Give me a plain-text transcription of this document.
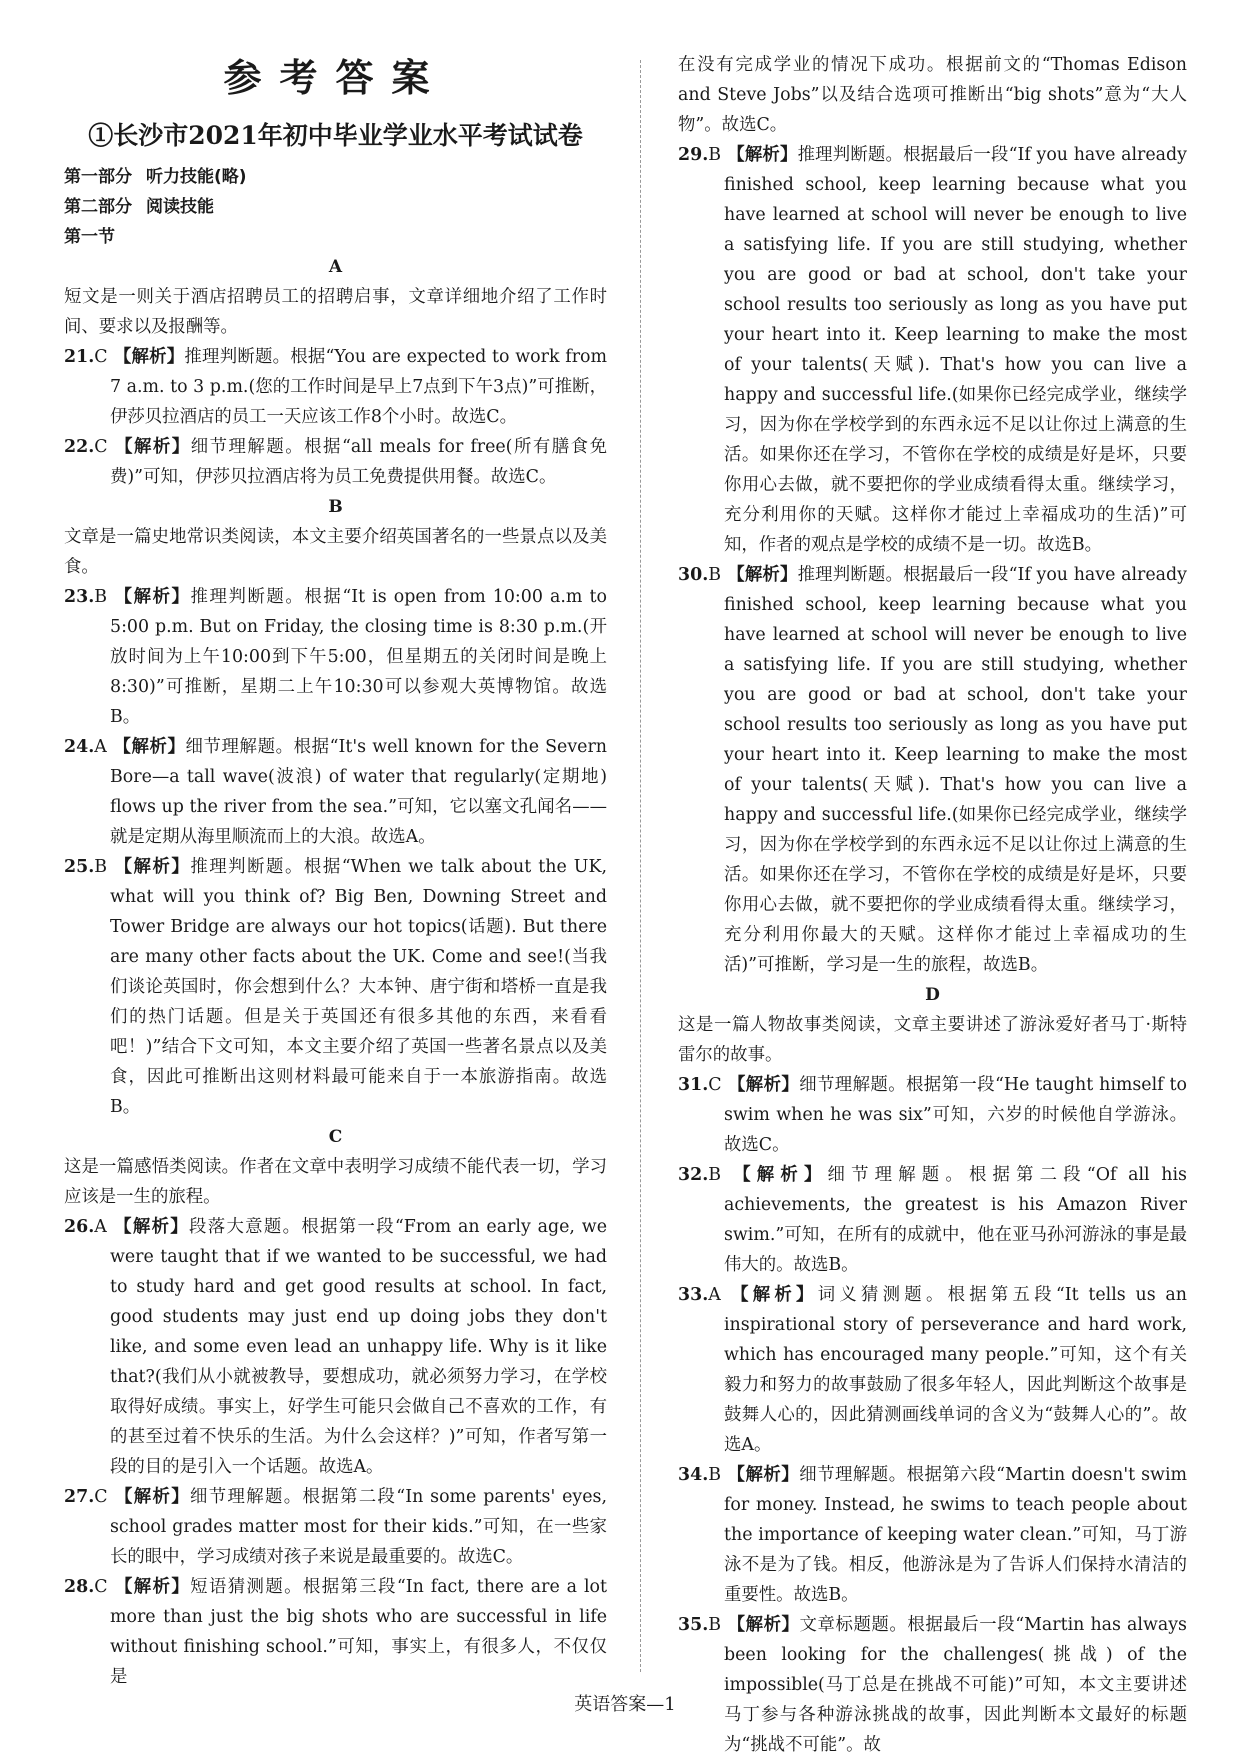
参考答案
①长沙市2021年初中毕业学业水平考试试卷
第一部分 听力技能(略)
第二部分 阅读技能
第一节
A

短文是一则关于酒店招聘员工的招聘启事，文章详细地介绍了工作时间、要求以及报酬等。

21.C 【解析】推理判断题。根据“You are expected to work from 7 a.m. to 3 p.m.(您的工作时间是早上7点到下午3点)”可推断，伊莎贝拉酒店的员工一天应该工作8个小时。故选C。

22.C 【解析】细节理解题。根据“all meals for free(所有膳食免费)”可知，伊莎贝拉酒店将为员工免费提供用餐。故选C。

B

文章是一篇史地常识类阅读，本文主要介绍英国著名的一些景点以及美食。

23.B 【解析】推理判断题。根据“It is open from 10:00 a.m to 5:00 p.m. But on Friday, the closing time is 8:30 p.m.(开放时间为上午10:00到下午5:00，但星期五的关闭时间是晚上8:30)”可推断，星期二上午10:30可以参观大英博物馆。故选B。

24.A 【解析】细节理解题。根据“It's well known for the Severn Bore—a tall wave(波浪) of water that regularly(定期地) flows up the river from the sea.”可知，它以塞文孔闻名——就是定期从海里顺流而上的大浪。故选A。

25.B 【解析】推理判断题。根据“When we talk about the UK, what will you think of? Big Ben, Downing Street and Tower Bridge are always our hot topics(话题). But there are many other facts about the UK. Come and see!(当我们谈论英国时，你会想到什么？大本钟、唐宁街和塔桥一直是我们的热门话题。但是关于英国还有很多其他的东西，来看看吧！)”结合下文可知，本文主要介绍了英国一些著名景点以及美食，因此可推断出这则材料最可能来自于一本旅游指南。故选B。

C

这是一篇感悟类阅读。作者在文章中表明学习成绩不能代表一切，学习应该是一生的旅程。

26.A 【解析】段落大意题。根据第一段“From an early age, we were taught that if we wanted to be successful, we had to study hard and get good results at school. In fact, good students may just end up doing jobs they don't like, and some even lead an unhappy life. Why is it like that?(我们从小就被教导，要想成功，就必须努力学习，在学校取得好成绩。事实上，好学生可能只会做自己不喜欢的工作，有的甚至过着不快乐的生活。为什么会这样？)”可知，作者写第一段的目的是引入一个话题。故选A。

27.C 【解析】细节理解题。根据第二段“In some parents' eyes, school grades matter most for their kids.”可知，在一些家长的眼中，学习成绩对孩子来说是最重要的。故选C。

28.C 【解析】短语猜测题。根据第三段“In fact, there are a lot more than just the big shots who are successful in life without finishing school.”可知，事实上，有很多人，不仅仅是

在没有完成学业的情况下成功。根据前文的“Thomas Edison and Steve Jobs”以及结合选项可推断出“big shots”意为“大人物”。故选C。

29.B 【解析】推理判断题。根据最后一段“If you have already finished school, keep learning because what you have learned at school will never be enough to live a satisfying life. If you are still studying, whether you are good or bad at school, don't take your school results too seriously as long as you have put your heart into it. Keep learning to make the most of your talents(天赋). That's how you can live a happy and successful life.(如果你已经完成学业，继续学习，因为你在学校学到的东西永远不足以让你过上满意的生活。如果你还在学习，不管你在学校的成绩是好是坏，只要你用心去做，就不要把你的学业成绩看得太重。继续学习，充分利用你的天赋。这样你才能过上幸福成功的生活)”可知，作者的观点是学校的成绩不是一切。故选B。

30.B 【解析】推理判断题。根据最后一段“If you have already finished school, keep learning because what you have learned at school will never be enough to live a satisfying life. If you are still studying, whether you are good or bad at school, don't take your school results too seriously as long as you have put your heart into it. Keep learning to make the most of your talents(天赋). That's how you can live a happy and successful life.(如果你已经完成学业，继续学习，因为你在学校学到的东西永远不足以让你过上满意的生活。如果你还在学习，不管你在学校的成绩是好是坏，只要你用心去做，就不要把你的学业成绩看得太重。继续学习，充分利用你最大的天赋。这样你才能过上幸福成功的生活)”可推断，学习是一生的旅程，故选B。

D

这是一篇人物故事类阅读，文章主要讲述了游泳爱好者马丁·斯特雷尔的故事。

31.C 【解析】细节理解题。根据第一段“He taught himself to swim when he was six”可知，六岁的时候他自学游泳。故选C。

32.B 【解析】细节理解题。根据第二段“Of all his achievements, the greatest is his Amazon River swim.”可知，在所有的成就中，他在亚马孙河游泳的事是最伟大的。故选B。

33.A 【解析】词义猜测题。根据第五段“It tells us an inspirational story of perseverance and hard work, which has encouraged many people.”可知，这个有关毅力和努力的故事鼓励了很多年轻人，因此判断这个故事是鼓舞人心的，因此猜测画线单词的含义为“鼓舞人心的”。故选A。

34.B 【解析】细节理解题。根据第六段“Martin doesn't swim for money. Instead, he swims to teach people about the importance of keeping water clean.”可知，马丁游泳不是为了钱。相反，他游泳是为了告诉人们保持水清洁的重要性。故选B。

35.B 【解析】文章标题题。根据最后一段“Martin has always been looking for the challenges(挑战) of the impossible(马丁总是在挑战不可能)”可知，本文主要讲述马丁参与各种游泳挑战的故事，因此判断本文最好的标题为“挑战不可能”。故

英语答案—1
